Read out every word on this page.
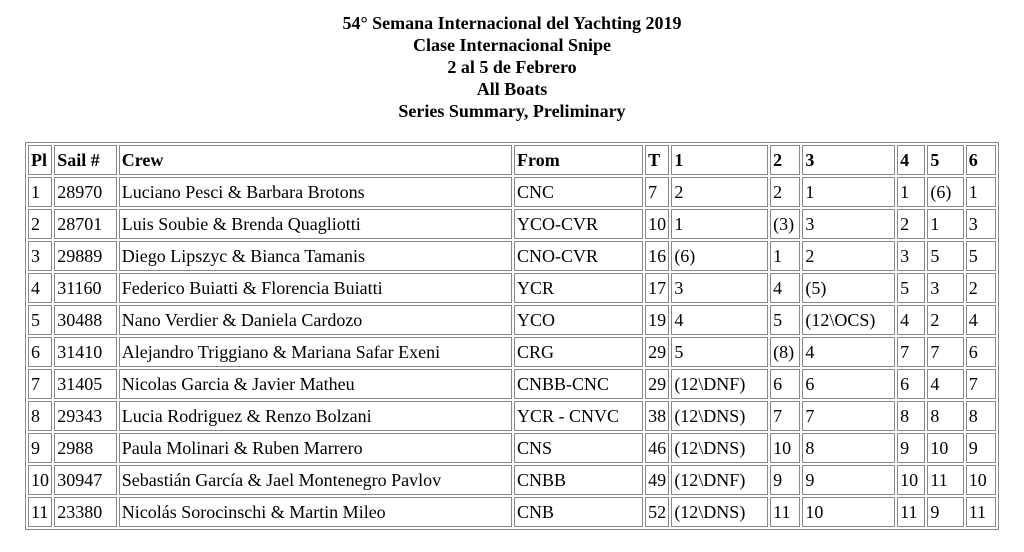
54° Semana Internacional del Yachting 2019
Clase Internacional Snipe
2 al 5 de Febrero
All Boats
Series Summary, Preliminary
Pl	Sail #	Crew	From	T	1	2	3	4	5	6
1	28970	Luciano Pesci & Barbara Brotons	CNC	7	2	2	1	1	(6)	1
2	28701	Luis Soubie & Brenda Quagliotti	YCO-CVR	10	1	(3)	3	2	1	3
3	29889	Diego Lipszyc & Bianca Tamanis	CNO-CVR	16	(6)	1	2	3	5	5
4	31160	Federico Buiatti & Florencia Buiatti	YCR	17	3	4	(5)	5	3	2
5	30488	Nano Verdier & Daniela Cardozo	YCO	19	4	5	(12\OCS)	4	2	4
6	31410	Alejandro Triggiano & Mariana Safar Exeni	CRG	29	5	(8)	4	7	7	6
7	31405	Nicolas Garcia & Javier Matheu	CNBB-CNC	29	(12\DNF)	6	6	6	4	7
8	29343	Lucia Rodriguez & Renzo Bolzani	YCR - CNVC	38	(12\DNS)	7	7	8	8	8
9	2988	Paula Molinari & Ruben Marrero	CNS	46	(12\DNS)	10	8	9	10	9
10	30947	Sebastián García & Jael Montenegro Pavlov	CNBB	49	(12\DNF)	9	9	10	11	10
11	23380	Nicolás Sorocinschi & Martin Mileo	CNB	52	(12\DNS)	11	10	11	9	11
